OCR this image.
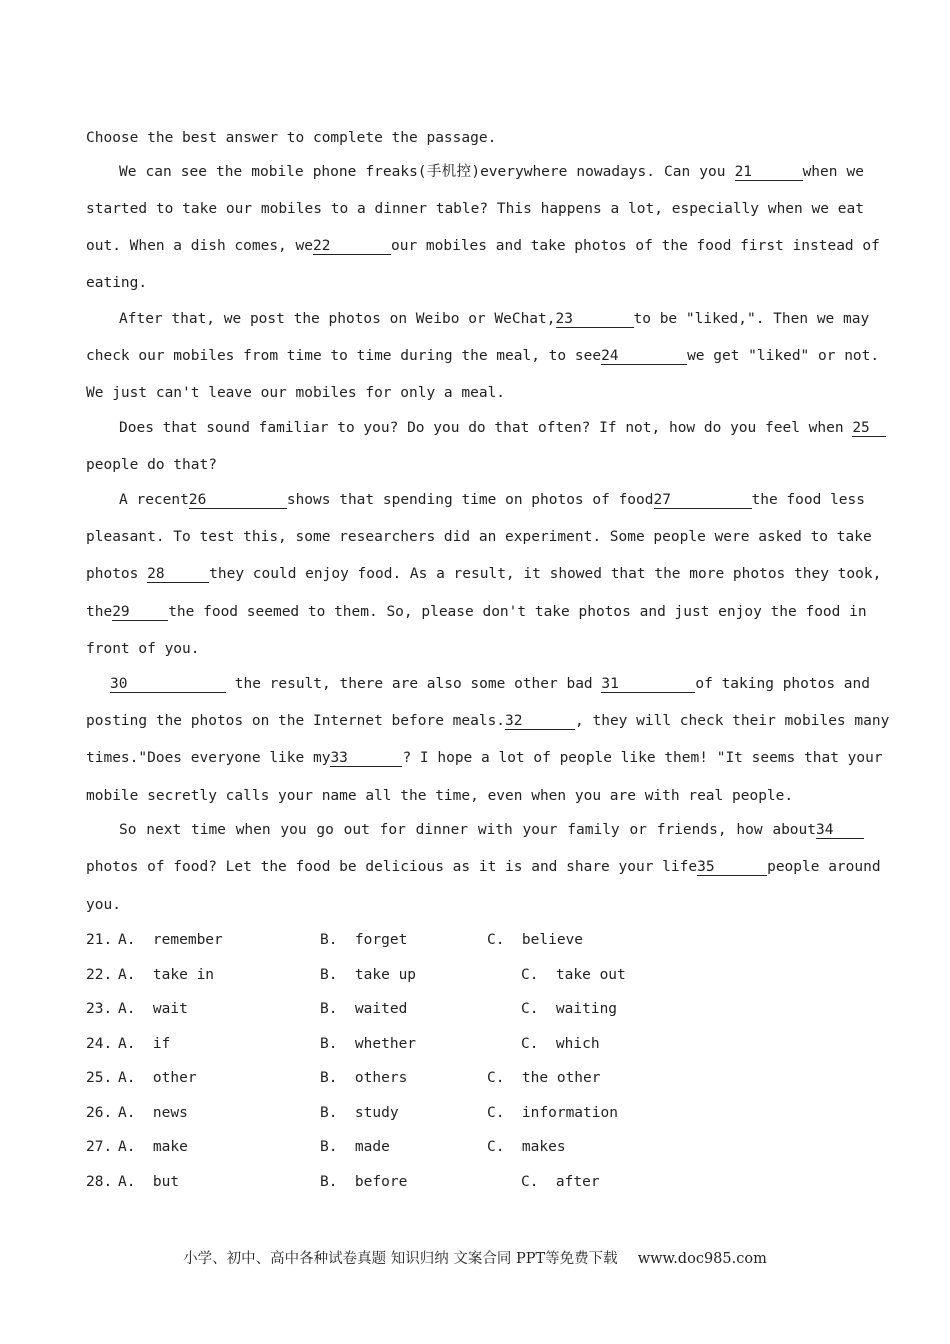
Choose the best answer to complete the passage.
We can see the mobile phone freaks(手机控)everywhere nowadays. Can you 21	when we
started to take our mobiles to a dinner table? This happens a lot, especially when we eat
out. When a dish comes, we22	our mobiles and take photos of the food first instead of
eating.
After that, we post the photos on Weibo or WeChat,23	to be "liked,". Then we may
check our mobiles from time to time during the meal, to see24	we get "liked" or not.
We just can't leave our mobiles for only a meal.
Does that sound familiar to you? Do you do that often? If not, how do you feel when 25
people do that?
A recent26	shows that spending time on photos of food27	the food less
pleasant. To test this, some researchers did an experiment. Some people were asked to take
photos 28	they could enjoy food. As a result, it showed that the more photos they took,
the29	the food seemed to them. So, please don't take photos and just enjoy the food in
front of you.
30	the result, there are also some other bad 31	of taking photos and
posting the photos on the Internet before meals.32	, they will check their mobiles many
times."Does everyone like my33	? I hope a lot of people like them! "It seems that your
mobile secretly calls your name all the time, even when you are with real people.
So next time when you go out for dinner with your family or friends, how about34
photos of food? Let the food be delicious as it is and share your life35	people around
you.
21. A.  remember	B.  forget	C.  believe
22. A.  take in	B.  take up	C.  take out
23. A.  wait	B.  waited	C.  waiting
24. A.  if	B.  whether	C.  which
25. A.  other	B.  others	C.  the other
26. A.  news	B.  study	C.  information
27. A.  make	B.  made	C.  makes
28. A.  but	B.  before	C.  after
小学、初中、高中各种试卷真题 知识归纳 文案合同 PPT等免费下载 www.doc985.com
